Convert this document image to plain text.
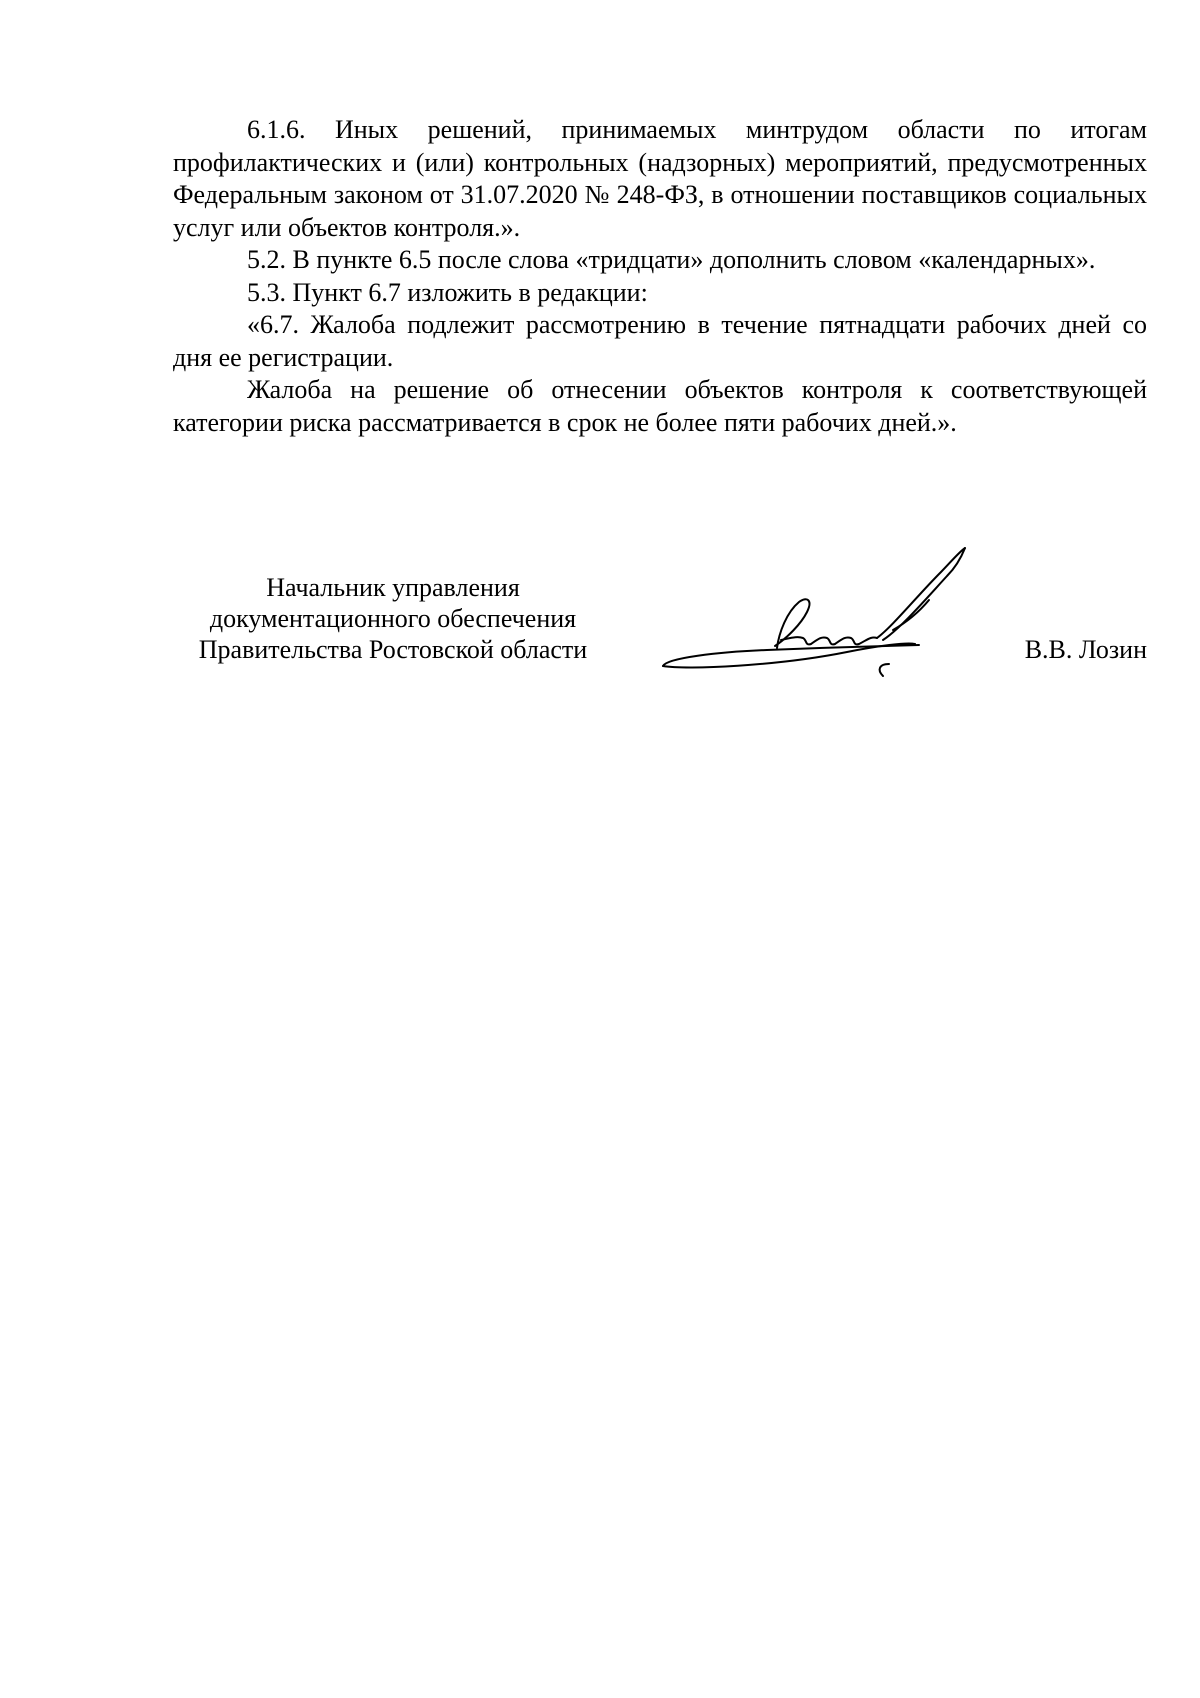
6.1.6. Иных решений, принимаемых минтрудом области по итогам профилактических и (или) контрольных (надзорных) мероприятий, предусмотренных Федеральным законом от 31.07.2020 № 248-ФЗ, в отношении поставщиков социальных услуг или объектов контроля.».

5.2. В пункте 6.5 после слова «тридцати» дополнить словом «календарных».

5.3. Пункт 6.7 изложить в редакции:

«6.7. Жалоба подлежит рассмотрению в течение пятнадцати рабочих дней со дня ее регистрации.

Жалоба на решение об отнесении объектов контроля к соответствующей категории риска рассматривается в срок не более пяти рабочих дней.».

Начальник управления
документационного обеспечения
Правительства Ростовской области	В.В. Лозин
